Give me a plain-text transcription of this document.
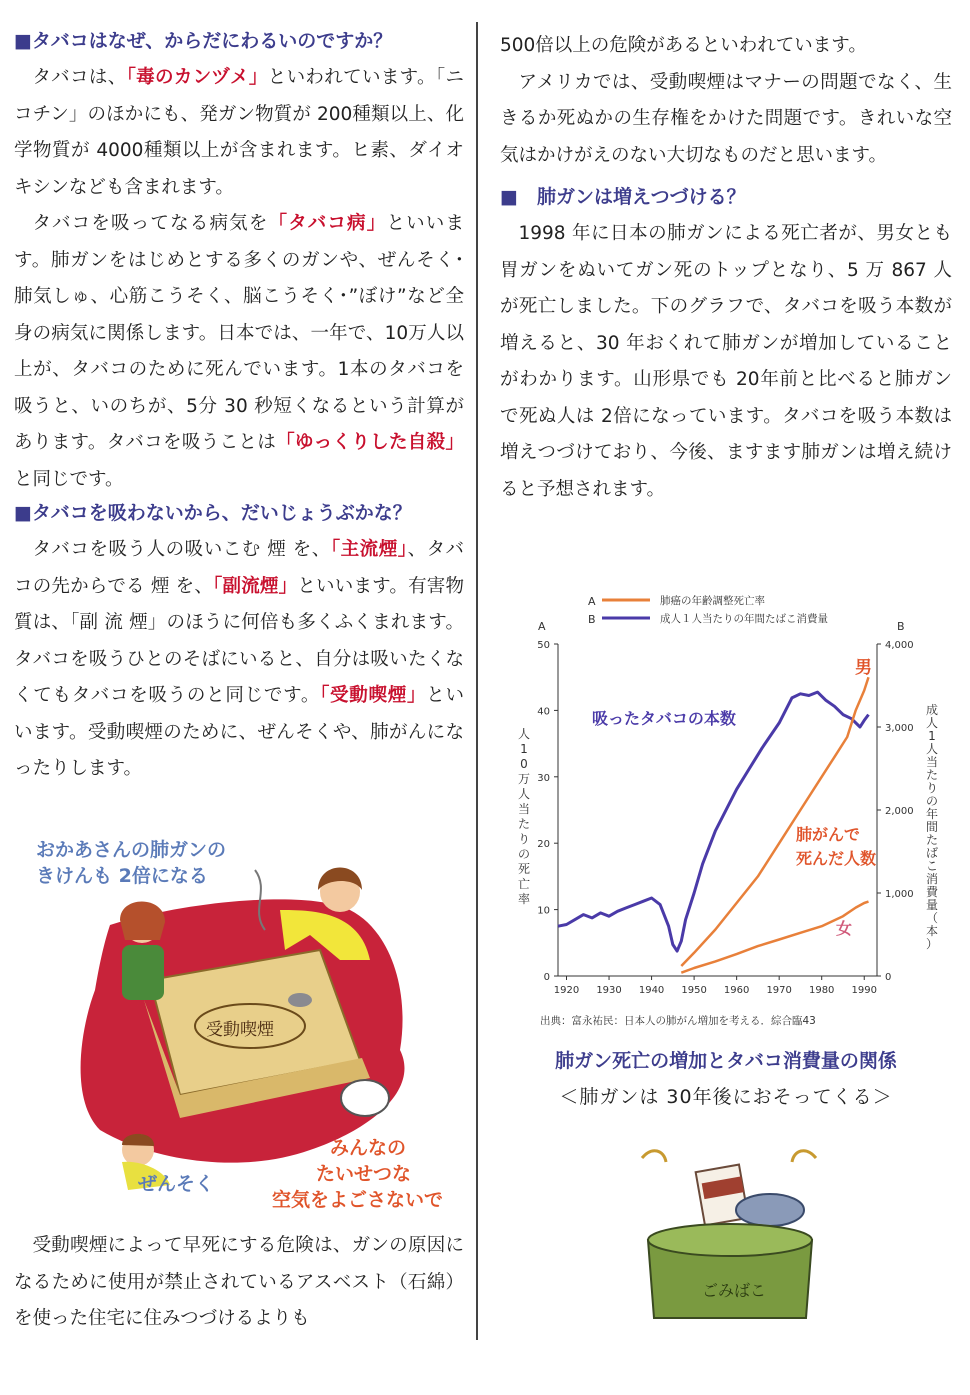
■タバコはなぜ、からだにわるいのですか？

タバコは、「毒のカンヅメ」といわれています。「ニコチン」のほかにも、発ガン物質が 200種類以上、化学物質が 4000種類以上が含まれます。ヒ素、ダイオキシンなども含まれます。

タバコを吸ってなる病気を「タバコ病」といいます。肺ガンをはじめとする多くのガンや、ぜんそく･肺気しゅ、心筋こうそく、脳こうそく･”ぼけ”など全身の病気に関係します。日本では、一年で、10万人以上が、タバコのために死んでいます。1本のタバコを吸うと、いのちが、5分 30 秒短くなるという計算があります。タバコを吸うことは「ゆっくりした自殺」と同じです。

■タバコを吸わないから、だいじょうぶかな？

タバコを吸う人の吸いこむ 煙 を、「主流煙」、タバコの先からでる 煙 を、「副流煙」といいます。有害物質は、「副 流 煙」のほうに何倍も多くふくまれます。タバコを吸うひとのそばにいると、自分は吸いたくなくてもタバコを吸うのと同じです。「受動喫煙」といいます。受動喫煙のために、ぜんそくや、肺がんになったりします。

おかあさんの肺ガンの
きけんも 2倍になる
受動喫煙
ぜんそく
みんなの
たいせつな
空気をよごさないで

受動喫煙によって早死にする危険は、ガンの原因になるために使用が禁止されているアスベスト（石綿）を使った住宅に住みつづけるよりも

500倍以上の危険があるといわれています。

アメリカでは、受動喫煙はマナーの問題でなく、生きるか死ぬかの生存権をかけた問題です。きれいな空気はかけがえのない大切なものだと思います。

■　肺ガンは増えつづける？

1998 年に日本の肺ガンによる死亡者が、男女とも胃ガンをぬいてガン死のトップとなり、5 万 867 人が死亡しました。下のグラフで、タバコを吸う本数が増えると、30 年おくれて肺ガンが増加していることがわかります。山形県でも 20年前と比べると肺ガンで死ぬ人は 2倍になっています。タバコを吸う本数は増えつづけており、今後、ますます肺ガンは増え続けると予想されます。

A	肺癌の年齢調整死亡率
B	成人１人当たりの年間たばこ消費量
A	B
0
10
20
30
40
50
0
1,000
2,000
3,000
4,000
1920 1930 1940 1950 1960 1970 1980 1990
人 1 0 万人当たりの死亡率
成人 1 人当たりの年間たばこ消費量（本）
吸ったタバコの本数
男
女
肺がんで
死んだ人数
出典：富永祐民：日本人の肺がん増加を考える．綜合臨43
肺ガン死亡の増加とタバコ消費量の関係
＜肺ガンは 30年後におそってくる＞
ごみばこ
